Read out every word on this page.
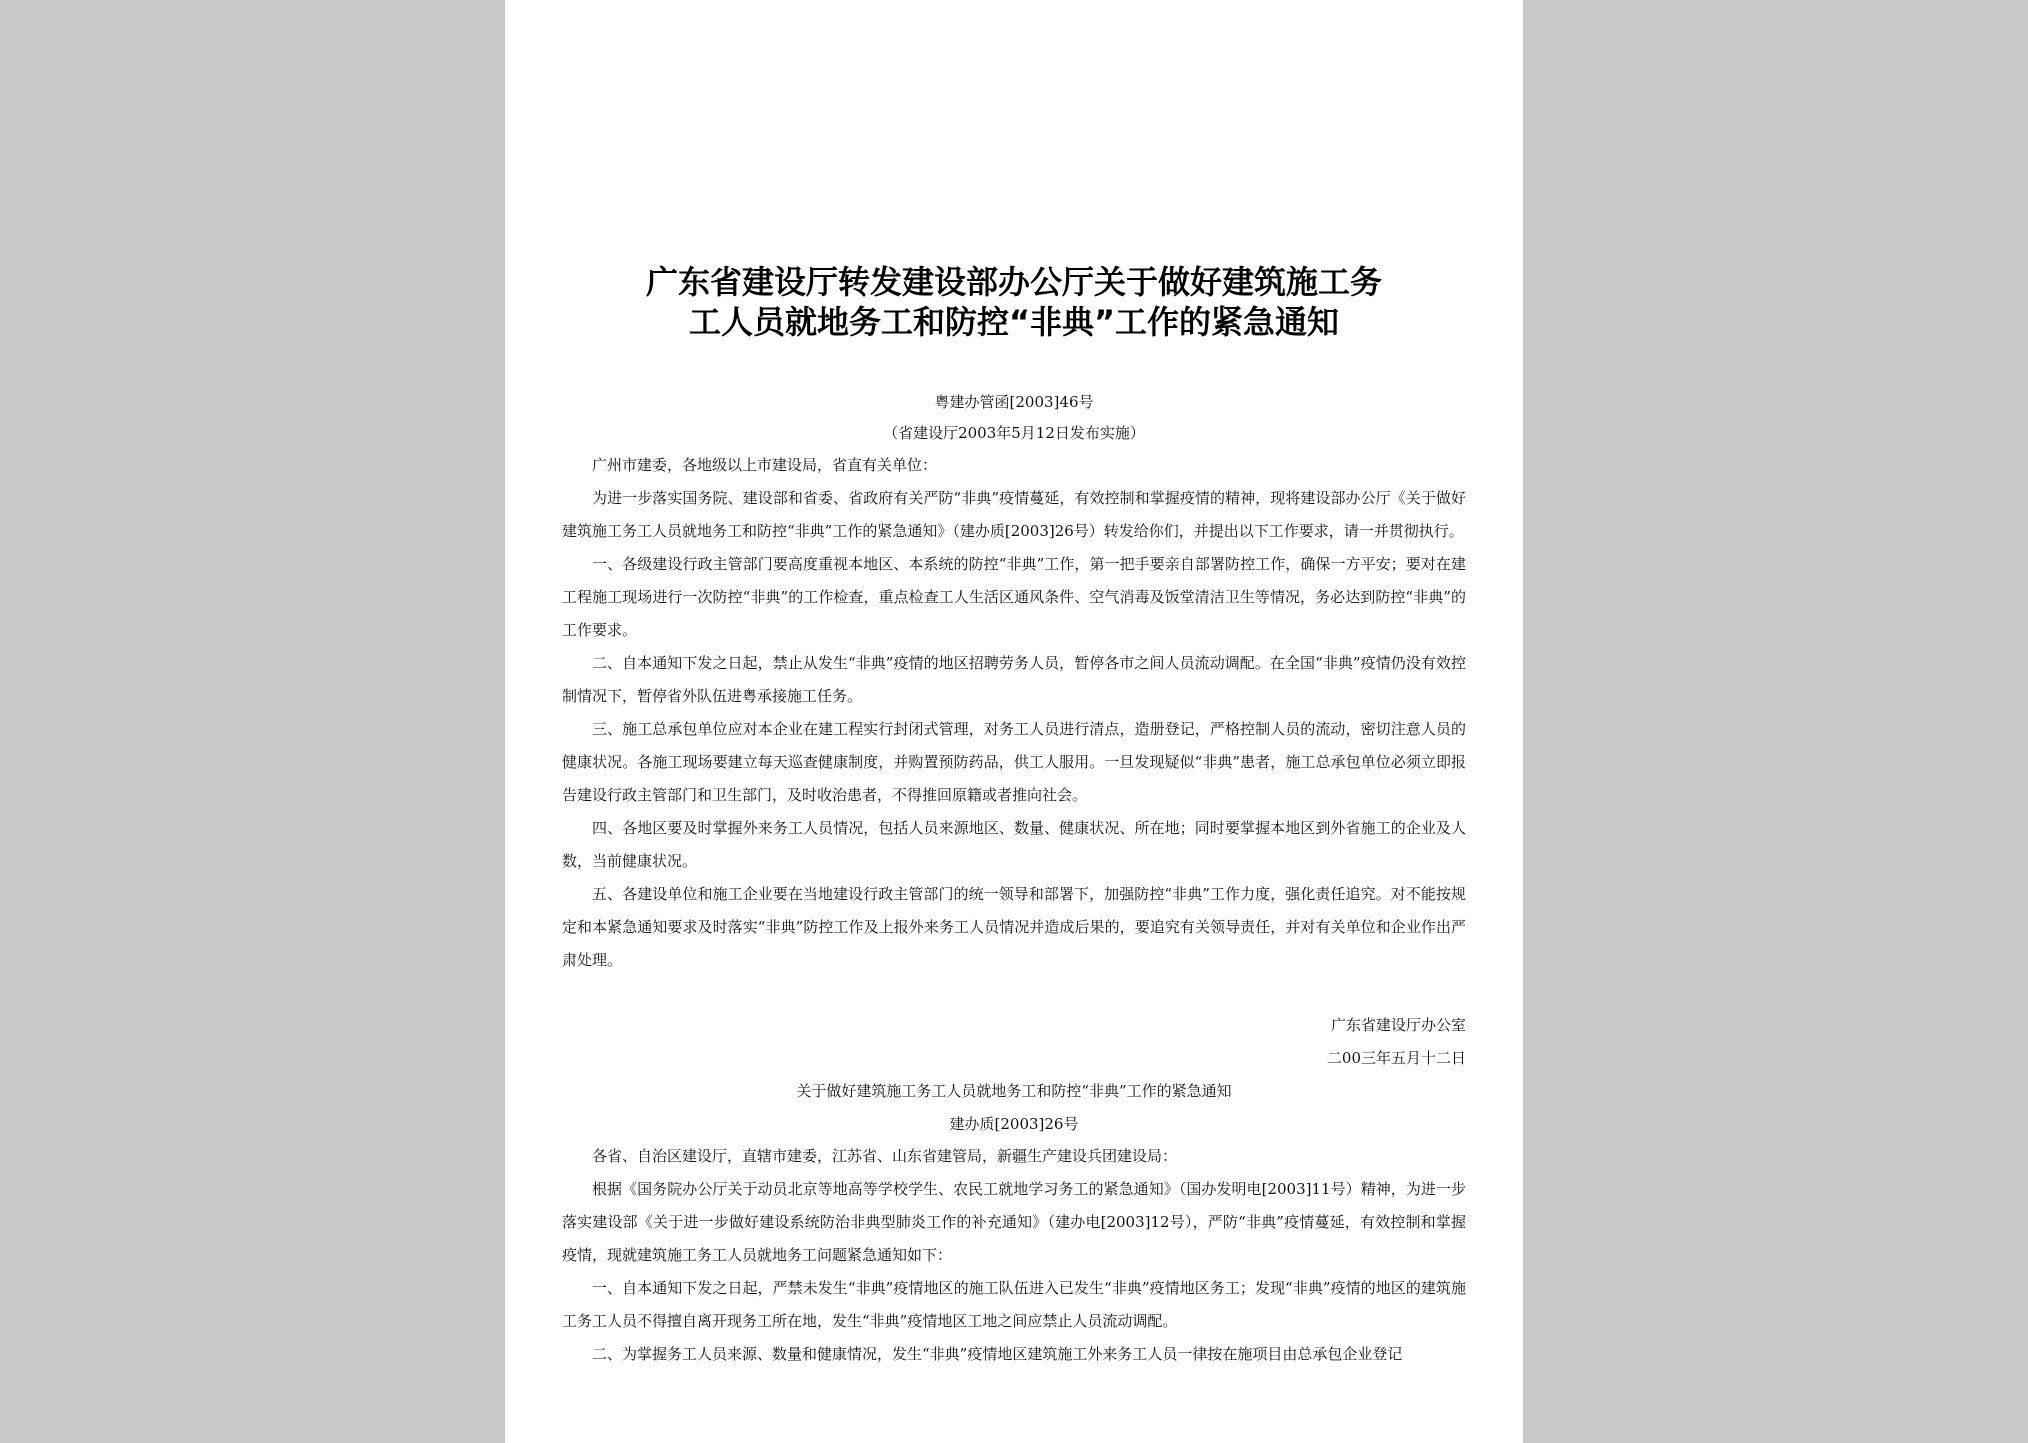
广东省建设厅转发建设部办公厅关于做好建筑施工务
工人员就地务工和防控“非典”工作的紧急通知
粤建办管函[2003]46号
（省建设厅2003年5月12日发布实施）

广州市建委，各地级以上市建设局，省直有关单位：

为进一步落实国务院、建设部和省委、省政府有关严防“非典”疫情蔓延，有效控制和掌握疫情的精神，现将建设部办公厅《关于做好建筑施工务工人员就地务工和防控“非典”工作的紧急通知》（建办质[2003]26号）转发给你们，并提出以下工作要求，请一并贯彻执行。

一、各级建设行政主管部门要高度重视本地区、本系统的防控“非典”工作，第一把手要亲自部署防控工作，确保一方平安；要对在建工程施工现场进行一次防控“非典”的工作检查，重点检查工人生活区通风条件、空气消毒及饭堂清洁卫生等情况，务必达到防控“非典”的工作要求。

二、自本通知下发之日起，禁止从发生“非典”疫情的地区招聘劳务人员，暂停各市之间人员流动调配。在全国“非典”疫情仍没有效控制情况下，暂停省外队伍进粤承接施工任务。

三、施工总承包单位应对本企业在建工程实行封闭式管理，对务工人员进行清点，造册登记，严格控制人员的流动，密切注意人员的健康状况。各施工现场要建立每天巡查健康制度，并购置预防药品，供工人服用。一旦发现疑似“非典”患者，施工总承包单位必须立即报告建设行政主管部门和卫生部门，及时收治患者，不得推回原籍或者推向社会。

四、各地区要及时掌握外来务工人员情况，包括人员来源地区、数量、健康状况、所在地；同时要掌握本地区到外省施工的企业及人数，当前健康状况。

五、各建设单位和施工企业要在当地建设行政主管部门的统一领导和部署下，加强防控“非典”工作力度，强化责任追究。对不能按规定和本紧急通知要求及时落实“非典”防控工作及上报外来务工人员情况并造成后果的，要追究有关领导责任，并对有关单位和企业作出严肃处理。

广东省建设厅办公室
二00三年五月十二日
关于做好建筑施工务工人员就地务工和防控“非典”工作的紧急通知
建办质[2003]26号

各省、自治区建设厅，直辖市建委，江苏省、山东省建管局，新疆生产建设兵团建设局：

根据《国务院办公厅关于动员北京等地高等学校学生、农民工就地学习务工的紧急通知》（国办发明电[2003]11号）精神，为进一步落实建设部《关于进一步做好建设系统防治非典型肺炎工作的补充通知》（建办电[2003]12号），严防“非典”疫情蔓延，有效控制和掌握疫情，现就建筑施工务工人员就地务工问题紧急通知如下：

一、自本通知下发之日起，严禁未发生“非典”疫情地区的施工队伍进入已发生“非典”疫情地区务工；发现“非典”疫情的地区的建筑施工务工人员不得擅自离开现务工所在地，发生“非典”疫情地区工地之间应禁止人员流动调配。

二、为掌握务工人员来源、数量和健康情况，发生“非典”疫情地区建筑施工外来务工人员一律按在施项目由总承包企业登记
